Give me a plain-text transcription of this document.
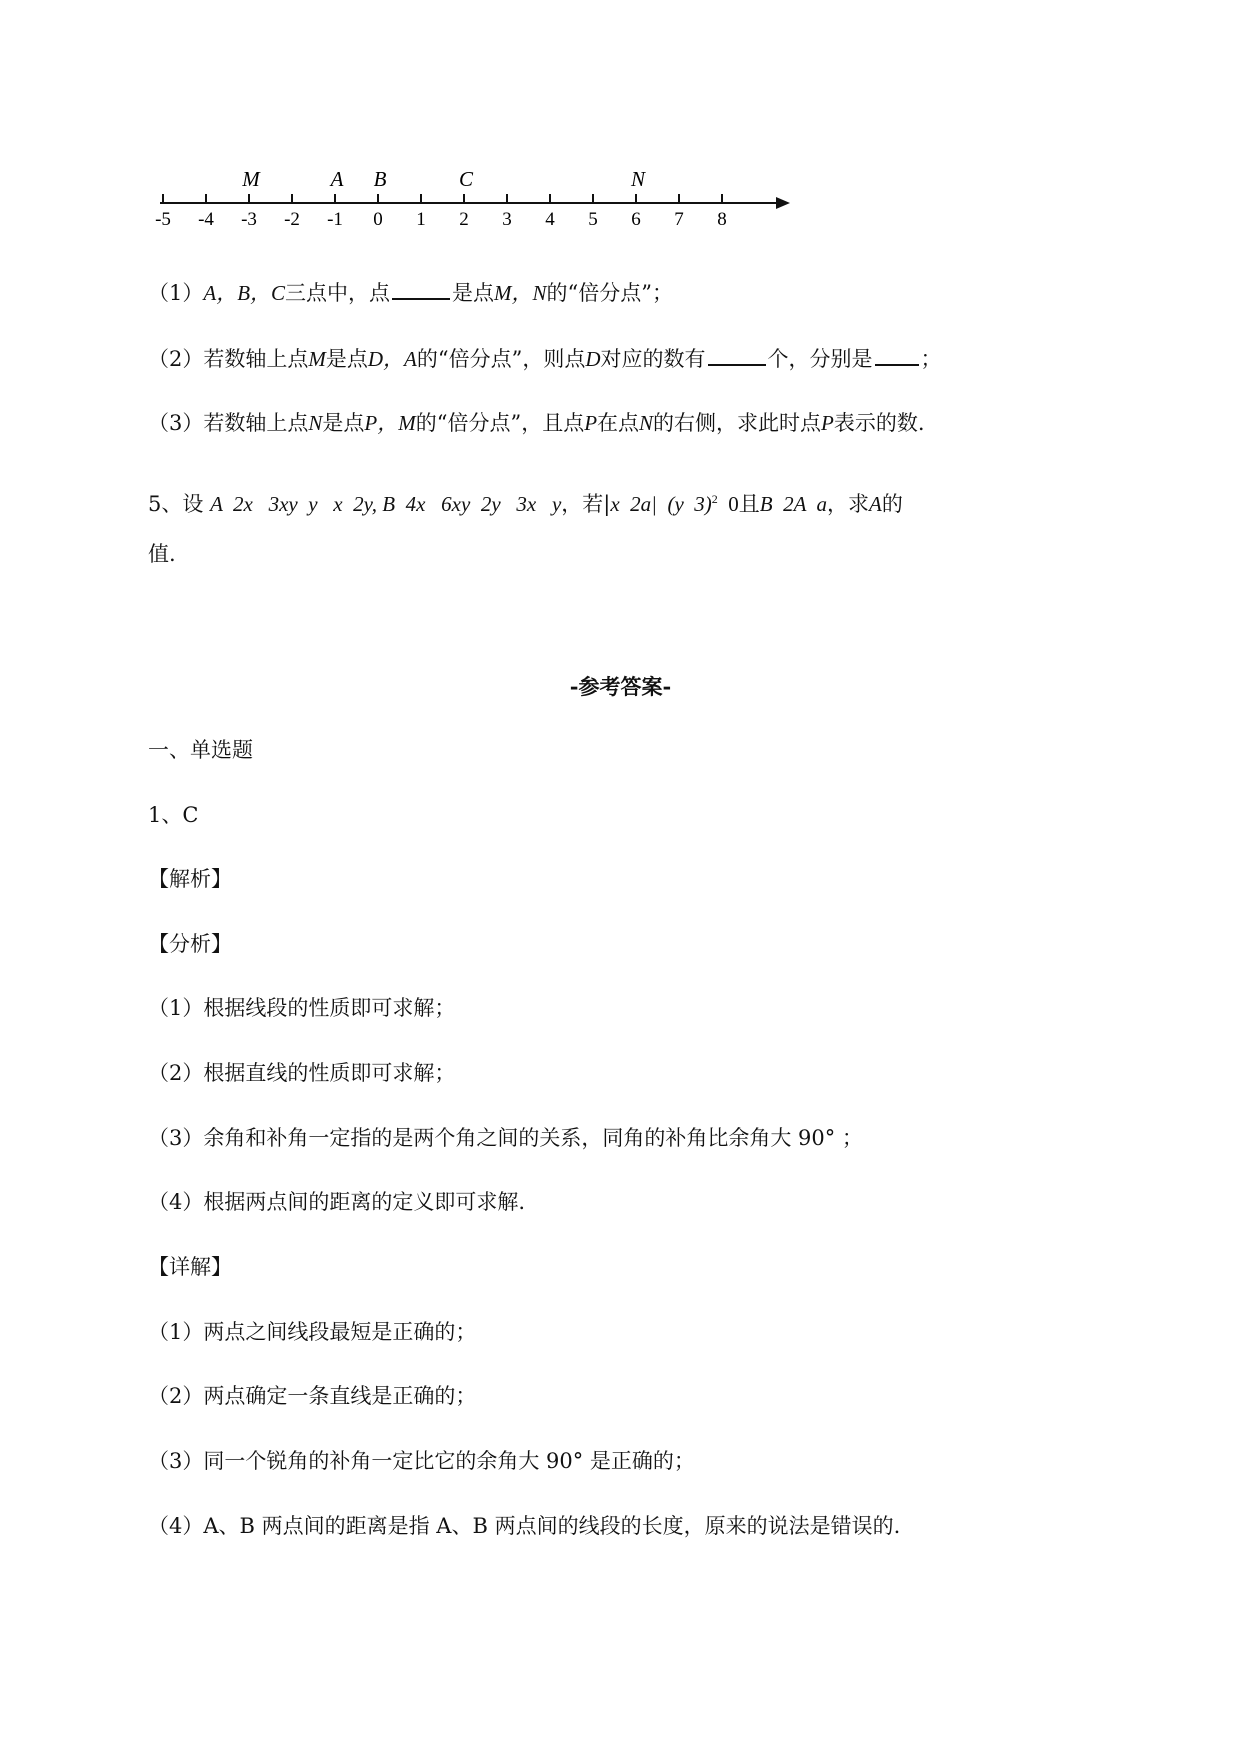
-5 -4 -3 -2 -1 0 1 2 3 4 5 6 7 8
M	A B	C	N
（1）A，B，C三点中，点	是点M，N的“倍分点”；
（2）若数轴上点M是点D，A的“倍分点”，则点D对应的数有	个，分别是 ；
（3）若数轴上点N是点P，M的“倍分点”，且点P在点N的右侧，求此时点P表示的数.
5、设 A  2x   3xy  y   x  2y, B  4x   6xy  2y   3x   y，若|x  2a|  (y  3)$^2$  0且B  2A  a，求A的
值.
-参考答案-
一、单选题
1、C
【解析】
【分析】
（1）根据线段的性质即可求解；
（2）根据直线的性质即可求解；
（3）余角和补角一定指的是两个角之间的关系，同角的补角比余角大 90° ；
（4）根据两点间的距离的定义即可求解.
【详解】
（1）两点之间线段最短是正确的；
（2）两点确定一条直线是正确的；
（3）同一个锐角的补角一定比它的余角大 90° 是正确的；
（4）A、B 两点间的距离是指 A、B 两点间的线段的长度，原来的说法是错误的.
